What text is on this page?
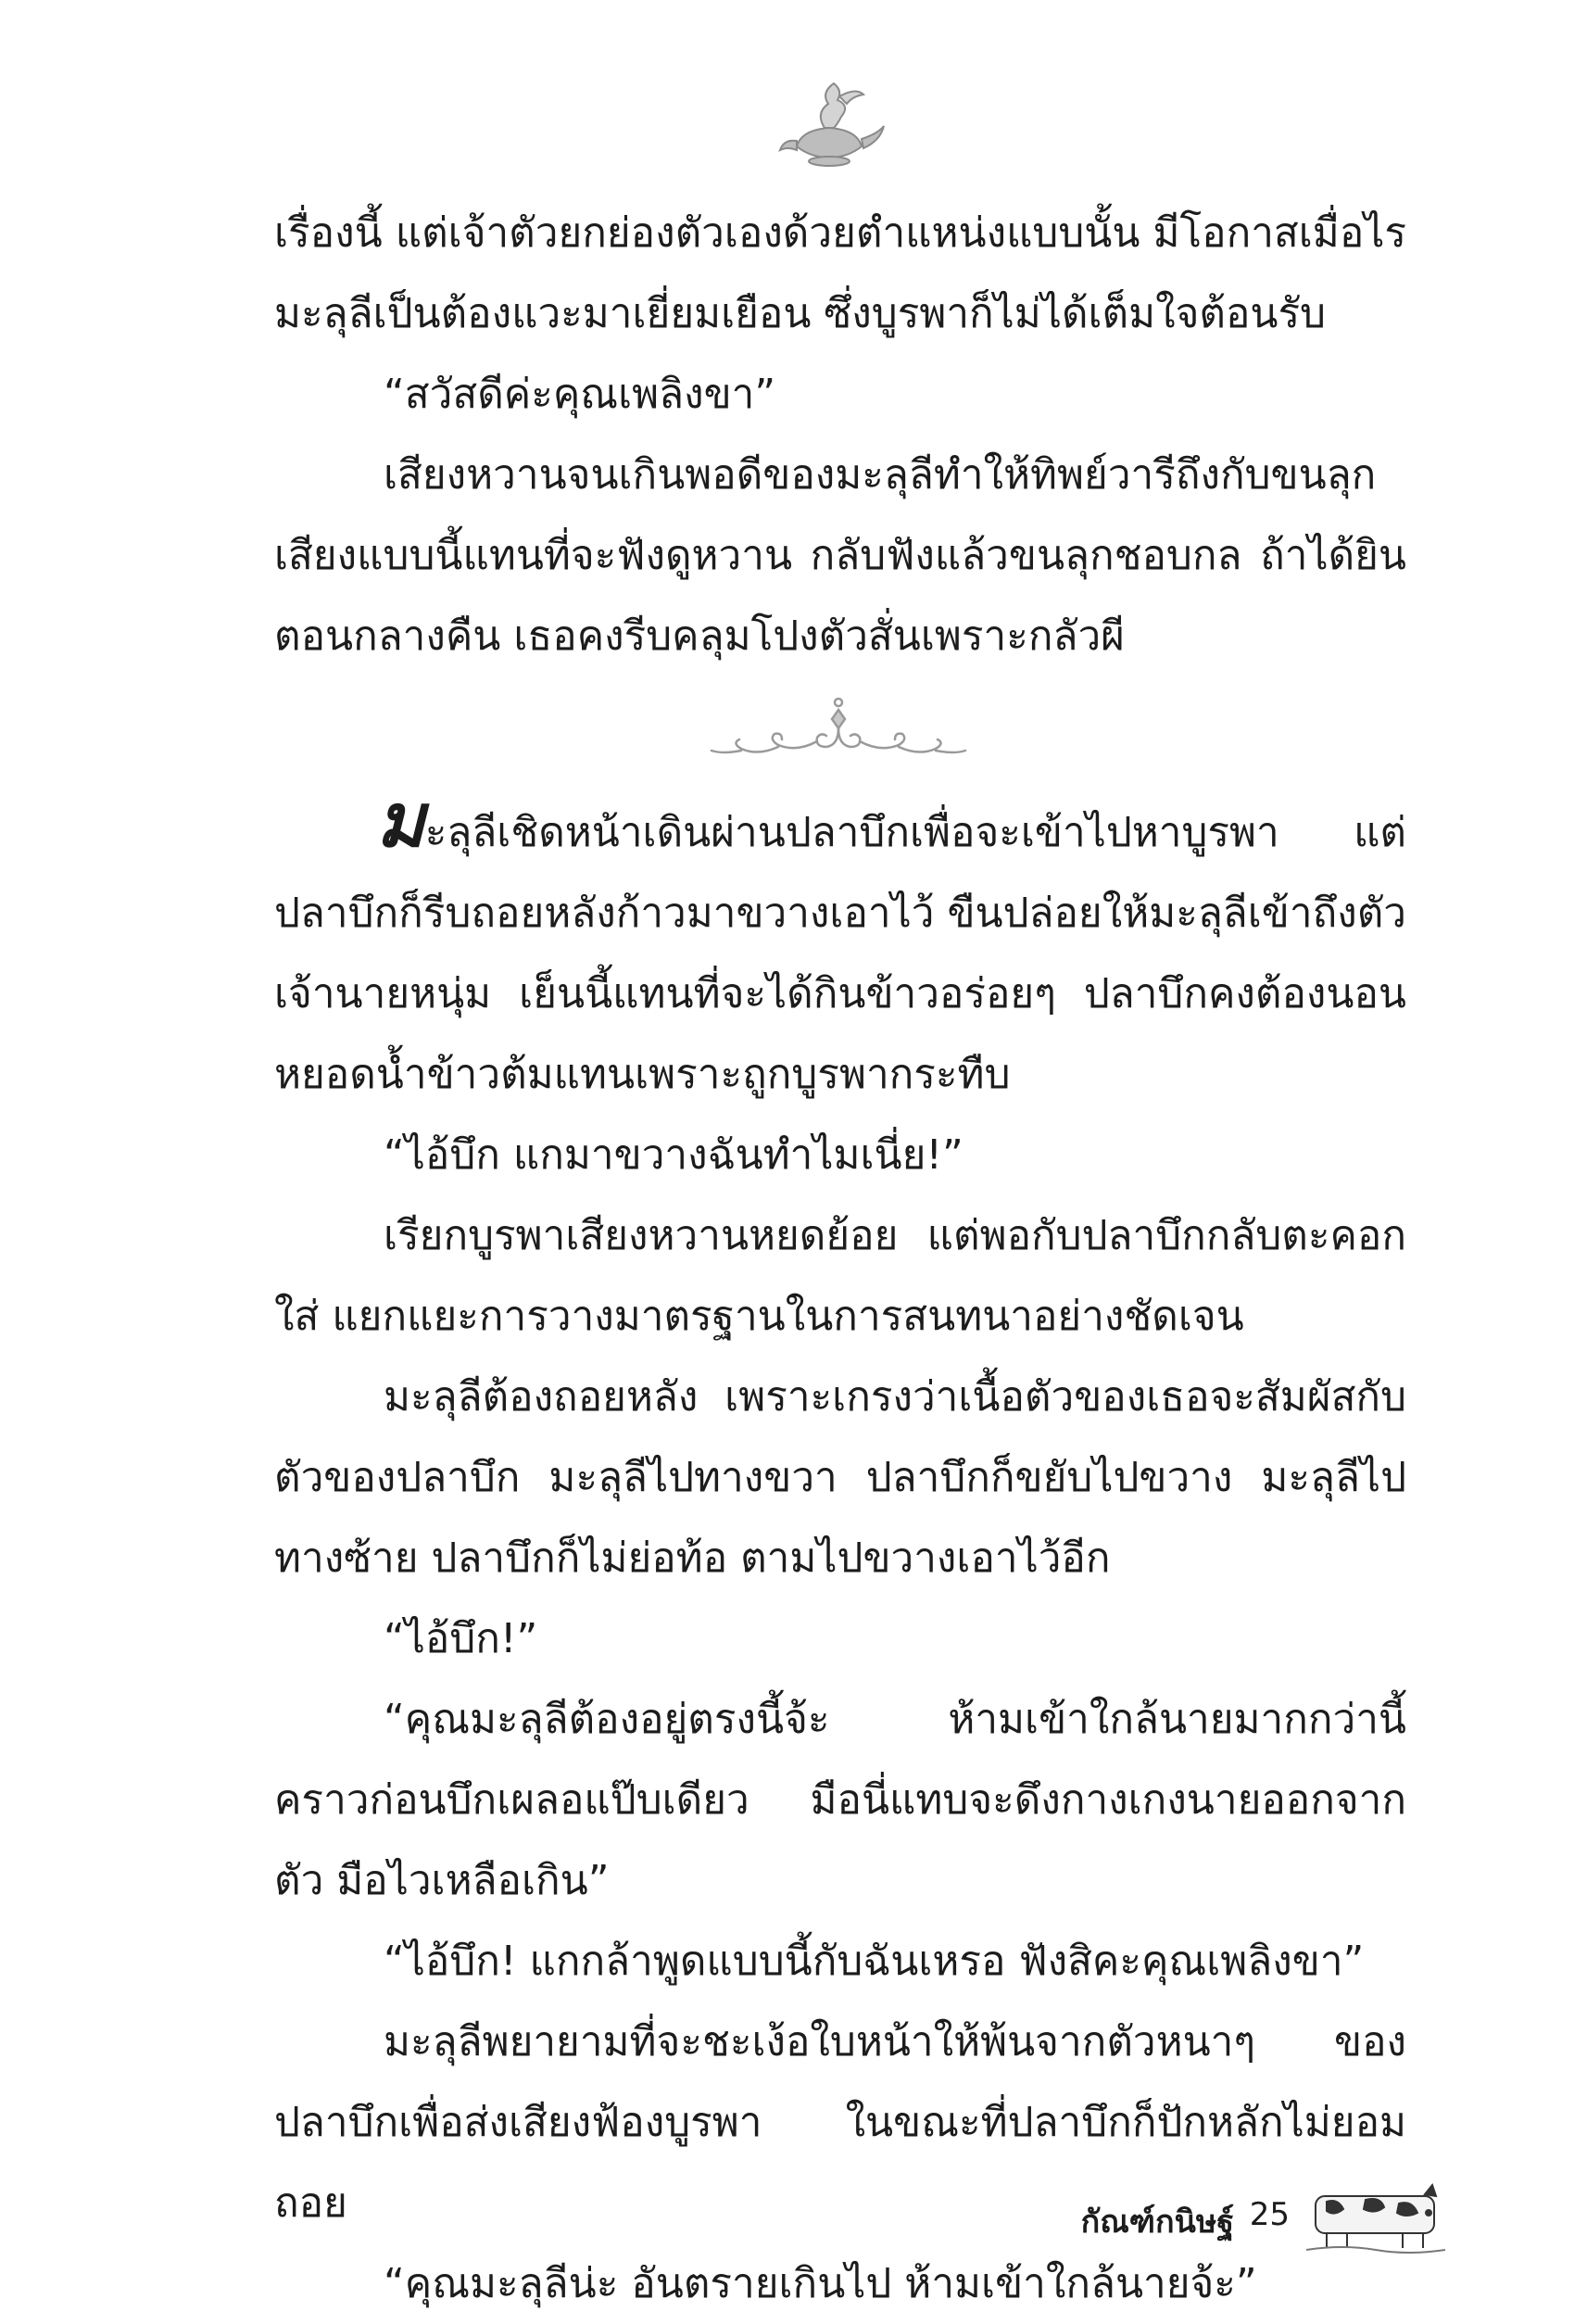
เรื่องนี้ แต่เจ้าตัวยกย่องตัวเองด้วยตำแหน่งแบบนั้น มีโอกาสเมื่อไร มะลุลีเป็นต้องแวะมาเยี่ยมเยือน ซึ่งบูรพาก็ไม่ได้เต็มใจต้อนรับ

“สวัสดีค่ะคุณเพลิงขา”

เสียงหวานจนเกินพอดีของมะลุลีทำให้ทิพย์วารีถึงกับขนลุก เสียงแบบนี้แทนที่จะฟังดูหวาน กลับฟังแล้วขนลุกชอบกล ถ้าได้ยินตอนกลางคืน เธอคงรีบคลุมโปงตัวสั่นเพราะกลัวผี

มะลุลีเชิดหน้าเดินผ่านปลาบึกเพื่อจะเข้าไปหาบูรพา แต่ปลาบึกก็รีบถอยหลังก้าวมาขวางเอาไว้ ขืนปล่อยให้มะลุลีเข้าถึงตัวเจ้านายหนุ่ม เย็นนี้แทนที่จะได้กินข้าวอร่อยๆ ปลาบึกคงต้องนอนหยอดน้ำข้าวต้มแทนเพราะถูกบูรพากระทืบ

“ไอ้บึก แกมาขวางฉันทำไมเนี่ย!”

เรียกบูรพาเสียงหวานหยดย้อย แต่พอกับปลาบึกกลับตะคอกใส่ แยกแยะการวางมาตรฐานในการสนทนาอย่างชัดเจน

มะลุลีต้องถอยหลัง เพราะเกรงว่าเนื้อตัวของเธอจะสัมผัสกับตัวของปลาบึก มะลุลีไปทางขวา ปลาบึกก็ขยับไปขวาง มะลุลีไปทางซ้าย ปลาบึกก็ไม่ย่อท้อ ตามไปขวางเอาไว้อีก

“ไอ้บึก!”

“คุณมะลุลีต้องอยู่ตรงนี้จ้ะ ห้ามเข้าใกล้นายมากกว่านี้ คราวก่อนบึกเผลอแป๊บเดียว มือนี่แทบจะดึงกางเกงนายออกจากตัว มือไวเหลือเกิน”

“ไอ้บึก! แกกล้าพูดแบบนี้กับฉันเหรอ ฟังสิคะคุณเพลิงขา”

มะลุลีพยายามที่จะชะเง้อใบหน้าให้พ้นจากตัวหนาๆ ของปลาบึกเพื่อส่งเสียงฟ้องบูรพา ในขณะที่ปลาบึกก็ปักหลักไม่ยอมถอย

“คุณมะลุลีน่ะ อันตรายเกินไป ห้ามเข้าใกล้นายจ้ะ”

กัณฑ์กนิษฐ์ 25
